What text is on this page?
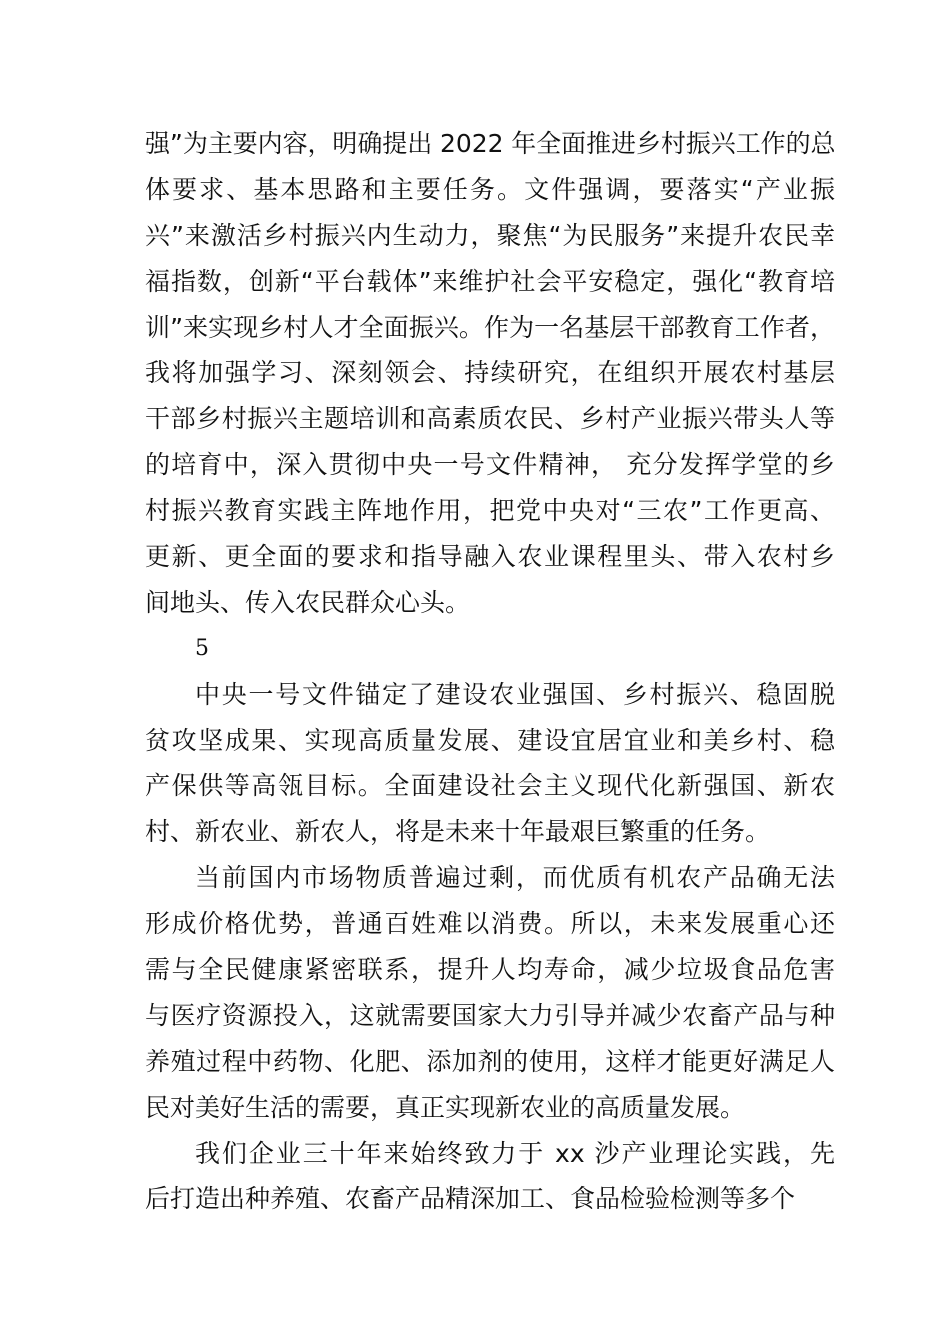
强”为主要内容，明确提出 2022 年全面推进乡村振兴工作的总
体要求、基本思路和主要任务。文件强调，要落实“产业振
兴”来激活乡村振兴内生动力，聚焦“为民服务”来提升农民幸
福指数，创新“平台载体”来维护社会平安稳定，强化“教育培
训”来实现乡村人才全面振兴。作为一名基层干部教育工作者，
我将加强学习、深刻领会、持续研究，在组织开展农村基层
干部乡村振兴主题培训和高素质农民、乡村产业振兴带头人等
的培育中，深入贯彻中央一号文件精神， 充分发挥学堂的乡
村振兴教育实践主阵地作用，把党中央对“三农”工作更高、
更新、更全面的要求和指导融入农业课程里头、带入农村乡
间地头、传入农民群众心头。
5
中央一号文件锚定了建设农业强国、乡村振兴、稳固脱
贫攻坚成果、实现高质量发展、建设宜居宜业和美乡村、稳
产保供等高瓴目标。全面建设社会主义现代化新强国、新农
村、新农业、新农人，将是未来十年最艰巨繁重的任务。
当前国内市场物质普遍过剩，而优质有机农产品确无法
形成价格优势，普通百姓难以消费。所以，未来发展重心还
需与全民健康紧密联系，提升人均寿命，减少垃圾食品危害
与医疗资源投入，这就需要国家大力引导并减少农畜产品与种
养殖过程中药物、化肥、添加剂的使用，这样才能更好满足人
民对美好生活的需要，真正实现新农业的高质量发展。
我们企业三十年来始终致力于 xx 沙产业理论实践，先
后打造出种养殖、农畜产品精深加工、食品检验检测等多个
